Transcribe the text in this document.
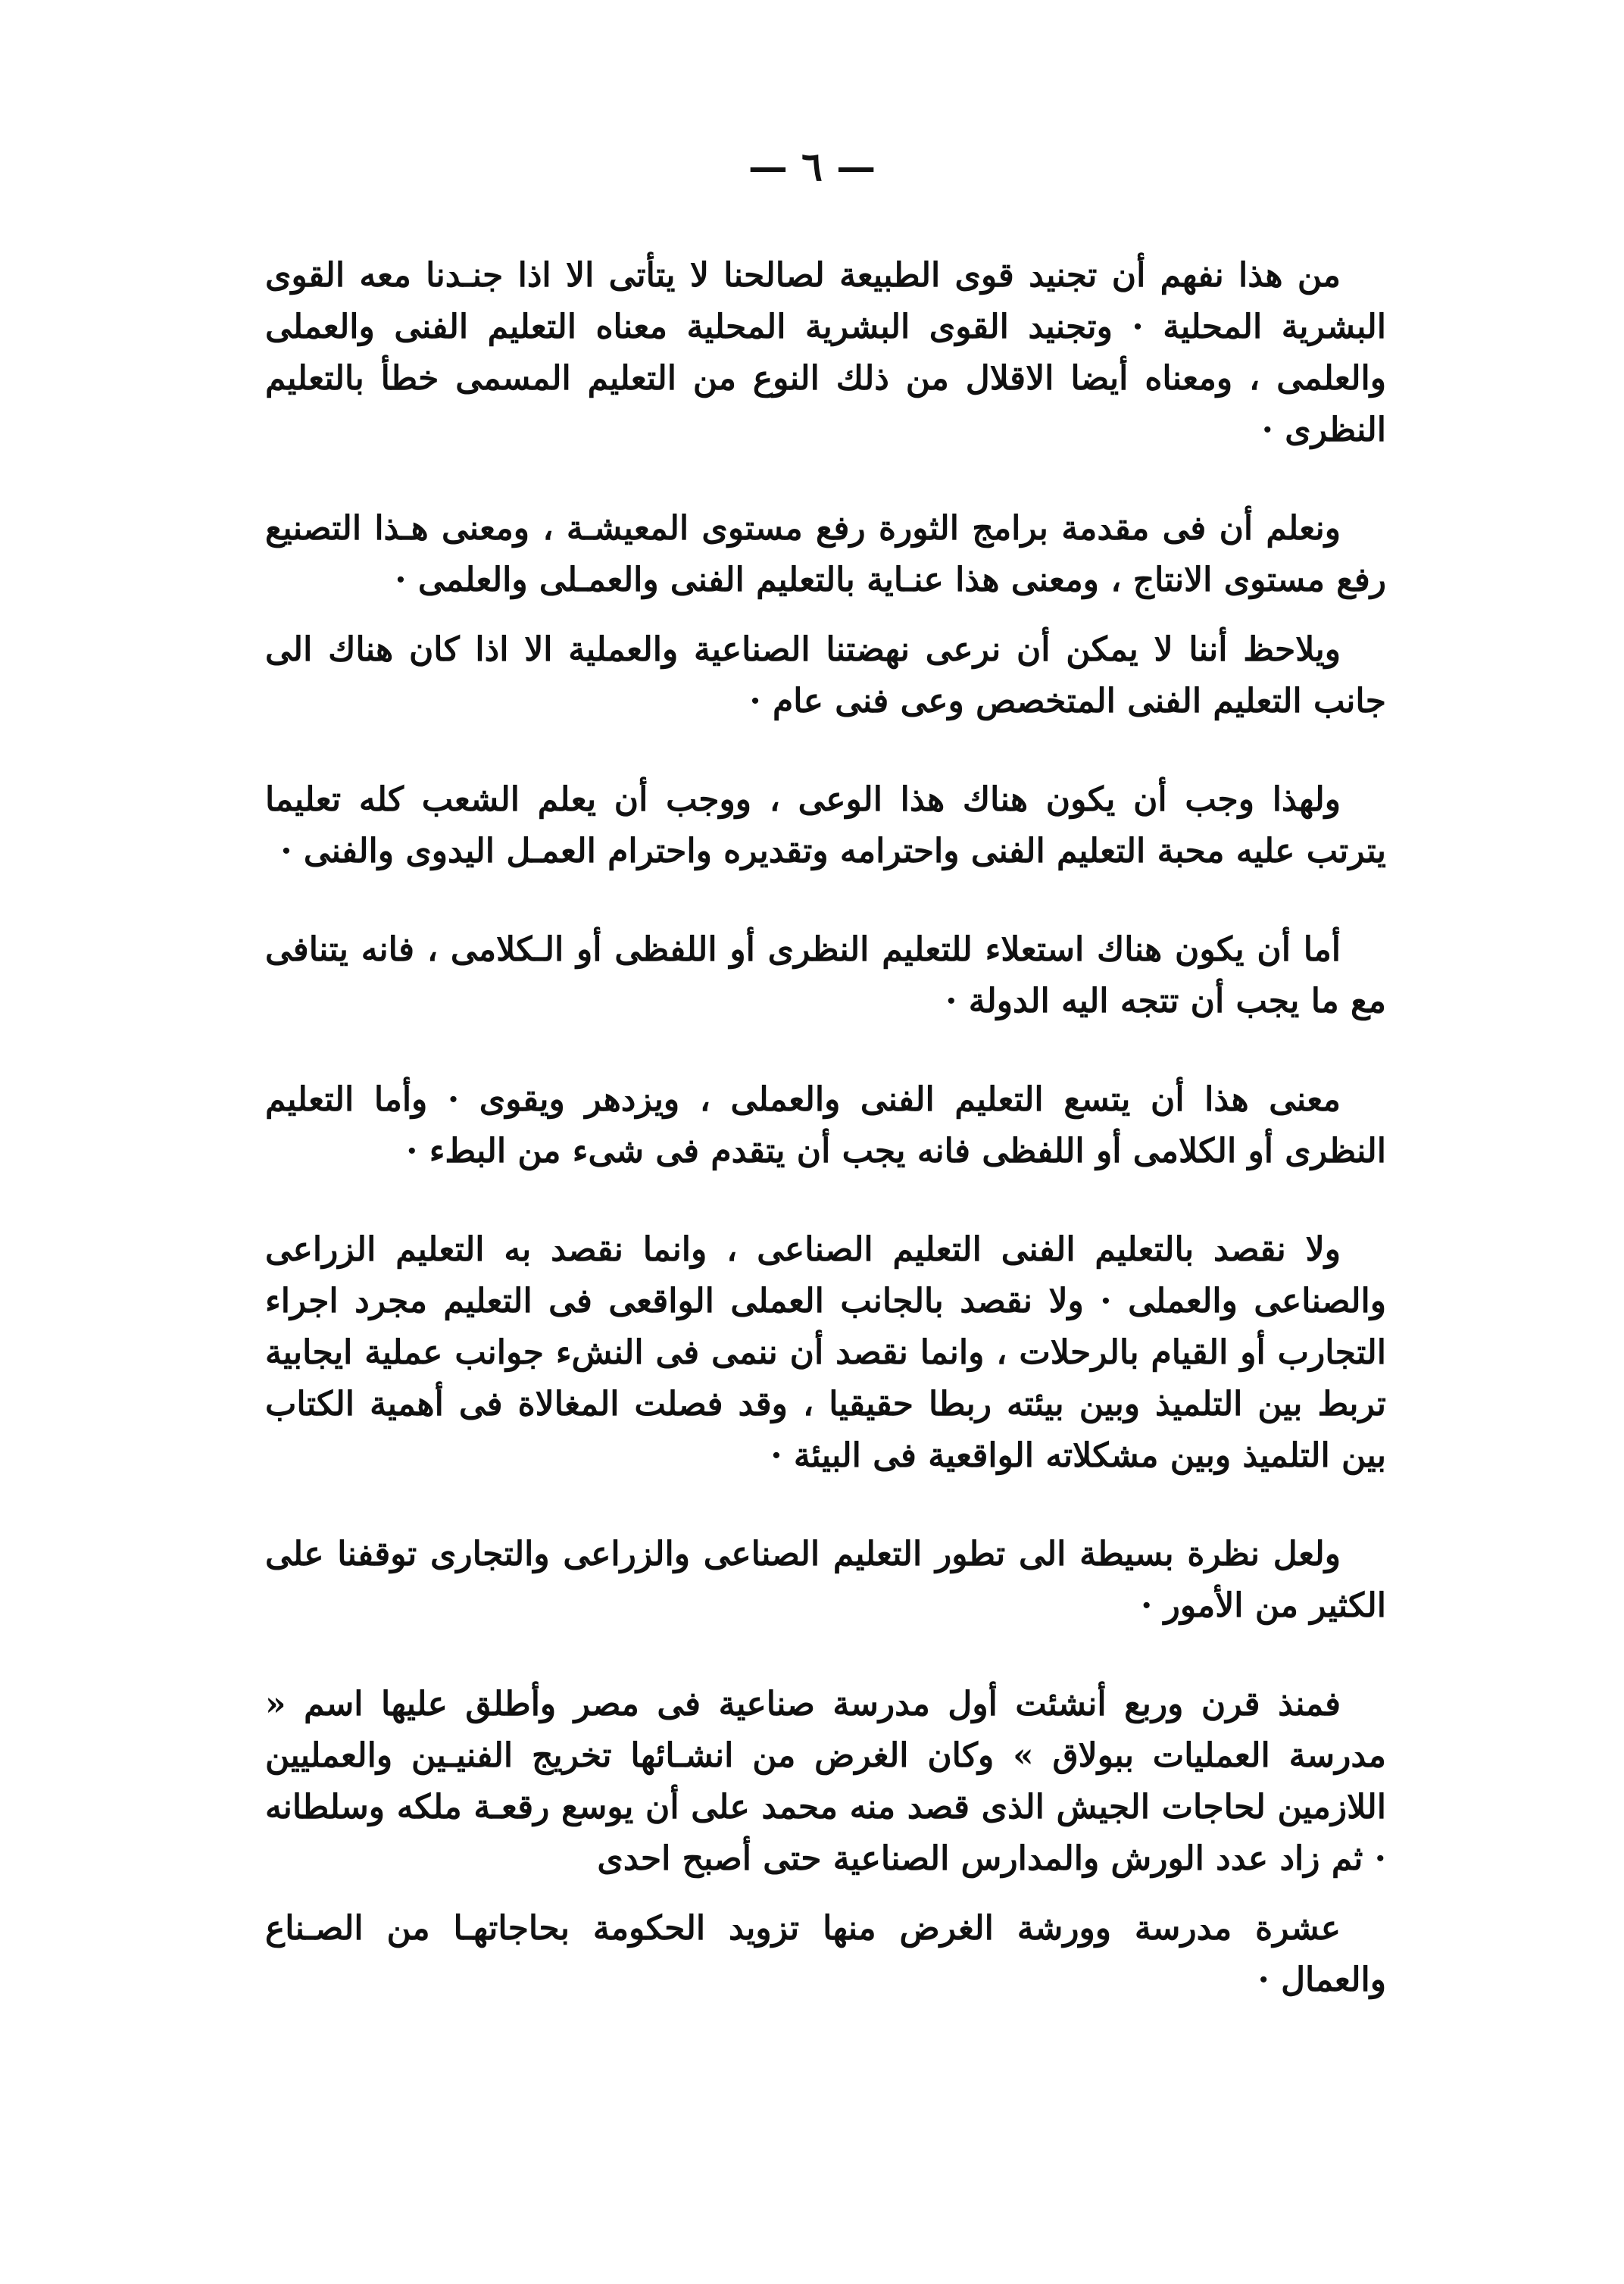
— ٦ —

من هذا نفهم أن تجنيد قوى الطبيعة لصالحنا لا يتأتى الا اذا جنـدنا معه القوى البشرية المحلية · وتجنيد القوى البشرية المحلية معناه التعليم الفنى والعملى والعلمى ، ومعناه أيضا الاقلال من ذلك النوع من التعليم المسمى خطأ بالتعليم النظرى ·

ونعلم أن فى مقدمة برامج الثورة رفع مستوى المعيشـة ، ومعنى هـذا التصنيع رفع مستوى الانتاج ، ومعنى هذا عنـاية بالتعليم الفنى والعمـلى والعلمى ·

ويلاحظ أننا لا يمكن أن نرعى نهضتنا الصناعية والعملية الا اذا كان هناك الى جانب التعليم الفنى المتخصص وعى فنى عام ·

ولهذا وجب أن يكون هناك هذا الوعى ، ووجب أن يعلم الشعب كله تعليما يترتب عليه محبة التعليم الفنى واحترامه وتقديره واحترام العمـل اليدوى والفنى ·

أما أن يكون هناك استعلاء للتعليم النظرى أو اللفظى أو الـكلامى ، فانه يتنافى مع ما يجب أن تتجه اليه الدولة ·

معنى هذا أن يتسع التعليم الفنى والعملى ، ويزدهر ويقوى · وأما التعليم النظرى أو الكلامى أو اللفظى فانه يجب أن يتقدم فى شىء من البطء ·

ولا نقصد بالتعليم الفنى التعليم الصناعى ، وانما نقصد به التعليم الزراعى والصناعى والعملى · ولا نقصد بالجانب العملى الواقعى فى التعليم مجرد اجراء التجارب أو القيام بالرحلات ، وانما نقصد أن ننمى فى النشء جوانب عملية ايجابية تربط بين التلميذ وبين بيئته ربطا حقيقيا ، وقد فصلت المغالاة فى أهمية الكتاب بين التلميذ وبين مشكلاته الواقعية فى البيئة ·

ولعل نظرة بسيطة الى تطور التعليم الصناعى والزراعى والتجارى توقفنا على الكثير من الأمور ·

فمنذ قرن وربع أنشئت أول مدرسة صناعية فى مصر وأطلق عليها اسم « مدرسة العمليات ببولاق » وكان الغرض من انشـائها تخريج الفنيـين والعمليين اللازمين لحاجات الجيش الذى قصد منه محمد على أن يوسع رقعـة ملكه وسلطانه · ثم زاد عدد الورش والمدارس الصناعية حتى أصبح احدى

عشرة مدرسة وورشة الغرض منها تزويد الحكومة بحاجاتهـا من الصـناع والعمال ·
